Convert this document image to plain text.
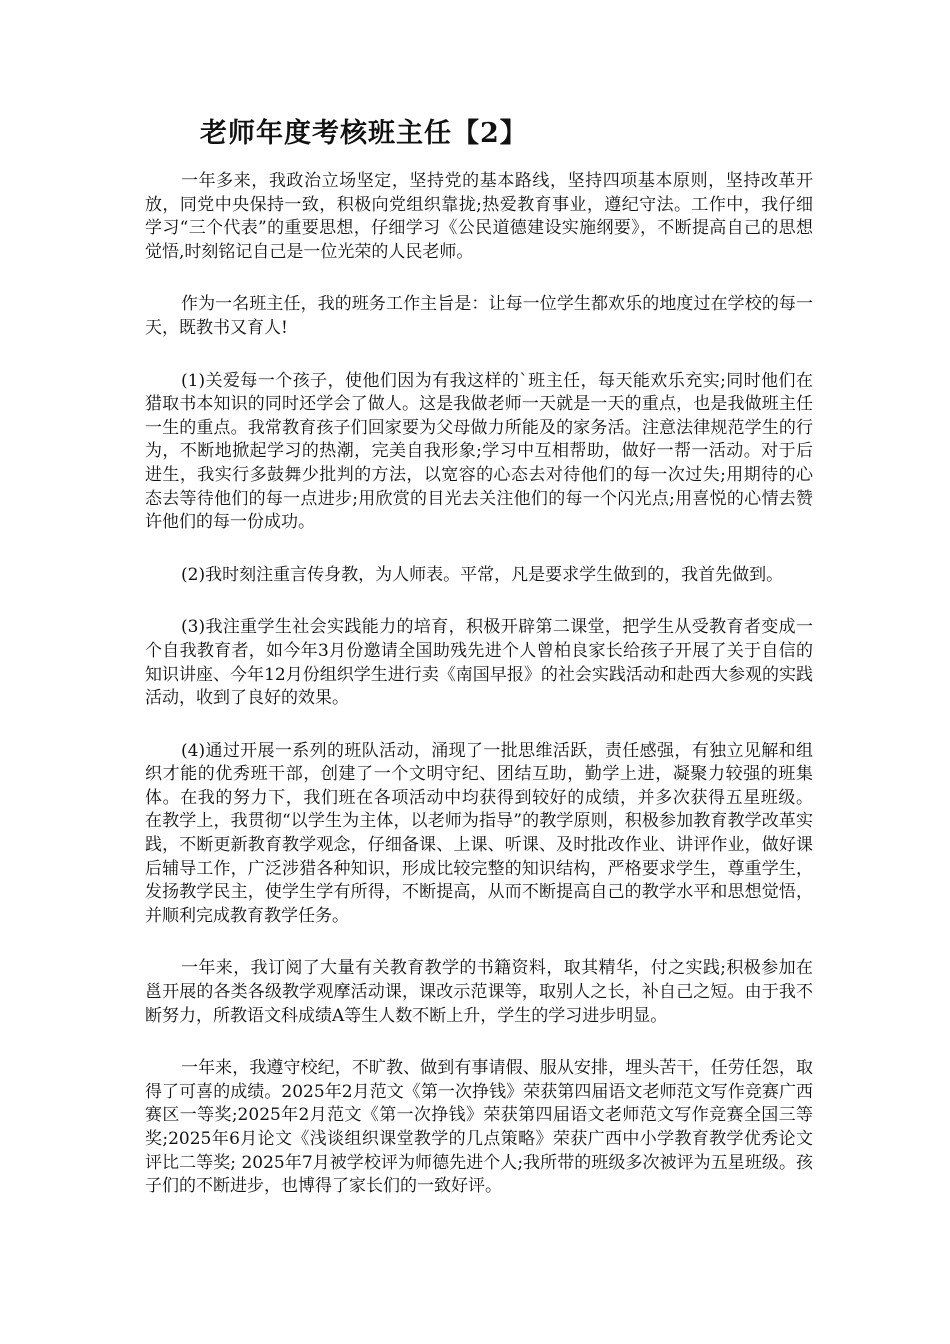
老师年度考核班主任【2】

一年多来，我政治立场坚定，坚持党的基本路线，坚持四项基本原则，坚持改革开放，同党中央保持一致，积极向党组织靠拢;热爱教育事业，遵纪守法。工作中，我仔细学习“三个代表”的重要思想，仔细学习《公民道德建设实施纲要》，不断提高自己的思想觉悟,时刻铭记自己是一位光荣的人民老师。

作为一名班主任，我的班务工作主旨是：让每一位学生都欢乐的地度过在学校的每一天，既教书又育人!

(1)关爱每一个孩子，使他们因为有我这样的`班主任，每天能欢乐充实;同时他们在猎取书本知识的同时还学会了做人。这是我做老师一天就是一天的重点，也是我做班主任一生的重点。我常教育孩子们回家要为父母做力所能及的家务活。注意法律规范学生的行为，不断地掀起学习的热潮，完美自我形象;学习中互相帮助，做好一帮一活动。对于后进生，我实行多鼓舞少批判的方法，以宽容的心态去对待他们的每一次过失;用期待的心态去等待他们的每一点进步;用欣赏的目光去关注他们的每一个闪光点;用喜悦的心情去赞许他们的每一份成功。

(2)我时刻注重言传身教，为人师表。平常，凡是要求学生做到的，我首先做到。

(3)我注重学生社会实践能力的培育，积极开辟第二课堂，把学生从受教育者变成一个自我教育者，如今年3月份邀请全国助残先进个人曾柏良家长给孩子开展了关于自信的知识讲座、今年12月份组织学生进行卖《南国早报》的社会实践活动和赴西大参观的实践活动，收到了良好的效果。

(4)通过开展一系列的班队活动，涌现了一批思维活跃，责任感强，有独立见解和组织才能的优秀班干部，创建了一个文明守纪、团结互助，勤学上进，凝聚力较强的班集体。在我的努力下，我们班在各项活动中均获得到较好的成绩，并多次获得五星班级。 在教学上，我贯彻“以学生为主体，以老师为指导”的教学原则，积极参加教育教学改革实践，不断更新教育教学观念，仔细备课、上课、听课、及时批改作业、讲评作业，做好课后辅导工作，广泛涉猎各种知识，形成比较完整的知识结构，严格要求学生，尊重学生，发扬教学民主，使学生学有所得，不断提高，从而不断提高自己的教学水平和思想觉悟，并顺利完成教育教学任务。

一年来，我订阅了大量有关教育教学的书籍资料，取其精华，付之实践;积极参加在邕开展的各类各级教学观摩活动课，课改示范课等，取别人之长，补自己之短。由于我不断努力，所教语文科成绩A等生人数不断上升，学生的学习进步明显。

一年来，我遵守校纪，不旷教、做到有事请假、服从安排，埋头苦干，任劳任怨，取得了可喜的成绩。2025年2月范文《第一次挣钱》荣获第四届语文老师范文写作竞赛广西赛区一等奖;2025年2月范文《第一次挣钱》荣获第四届语文老师范文写作竞赛全国三等奖;2025年6月论文《浅谈组织课堂教学的几点策略》荣获广西中小学教育教学优秀论文评比二等奖; 2025年7月被学校评为师德先进个人;我所带的班级多次被评为五星班级。孩子们的不断进步，也博得了家长们的一致好评。
